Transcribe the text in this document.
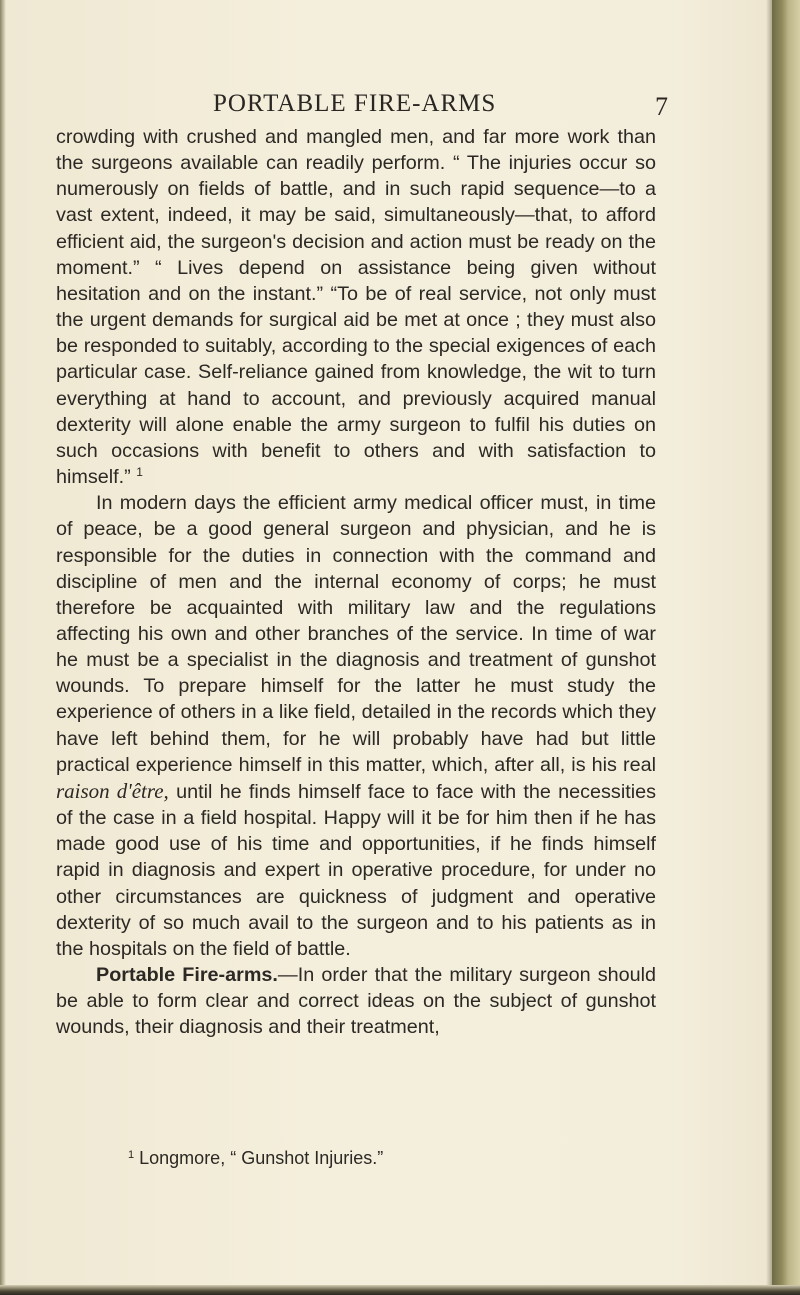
PORTABLE FIRE-ARMS	7

crowding with crushed and mangled men, and far more work than the surgeons available can readily perform. “ The injuries occur so numerously on fields of battle, and in such rapid sequence—to a vast extent, indeed, it may be said, simultaneously—that, to afford efficient aid, the surgeon's decision and action must be ready on the moment.” “ Lives depend on assistance being given without hesitation and on the instant.” “To be of real service, not only must the urgent demands for surgical aid be met at once ; they must also be responded to suitably, according to the special exigences of each particular case. Self-reliance gained from knowledge, the wit to turn everything at hand to account, and previously acquired manual dexterity will alone enable the army surgeon to fulfil his duties on such occasions with benefit to others and with satisfaction to himself.” $^1$

In modern days the efficient army medical officer must, in time of peace, be a good general surgeon and physician, and he is responsible for the duties in connection with the command and discipline of men and the internal economy of corps; he must therefore be acquainted with military law and the regulations affecting his own and other branches of the service. In time of war he must be a specialist in the diagnosis and treatment of gunshot wounds. To prepare himself for the latter he must study the experience of others in a like field, detailed in the records which they have left behind them, for he will probably have had but little practical experience himself in this matter, which, after all, is his real raison d'être, until he finds himself face to face with the necessities of the case in a field hospital. Happy will it be for him then if he has made good use of his time and opportunities, if he finds himself rapid in diagnosis and expert in operative procedure, for under no other circumstances are quickness of judgment and operative dexterity of so much avail to the surgeon and to his patients as in the hospitals on the field of battle.

Portable Fire-arms.—In order that the military surgeon should be able to form clear and correct ideas on the subject of gunshot wounds, their diagnosis and their treatment,

$^1$ Longmore, “ Gunshot Injuries.”
